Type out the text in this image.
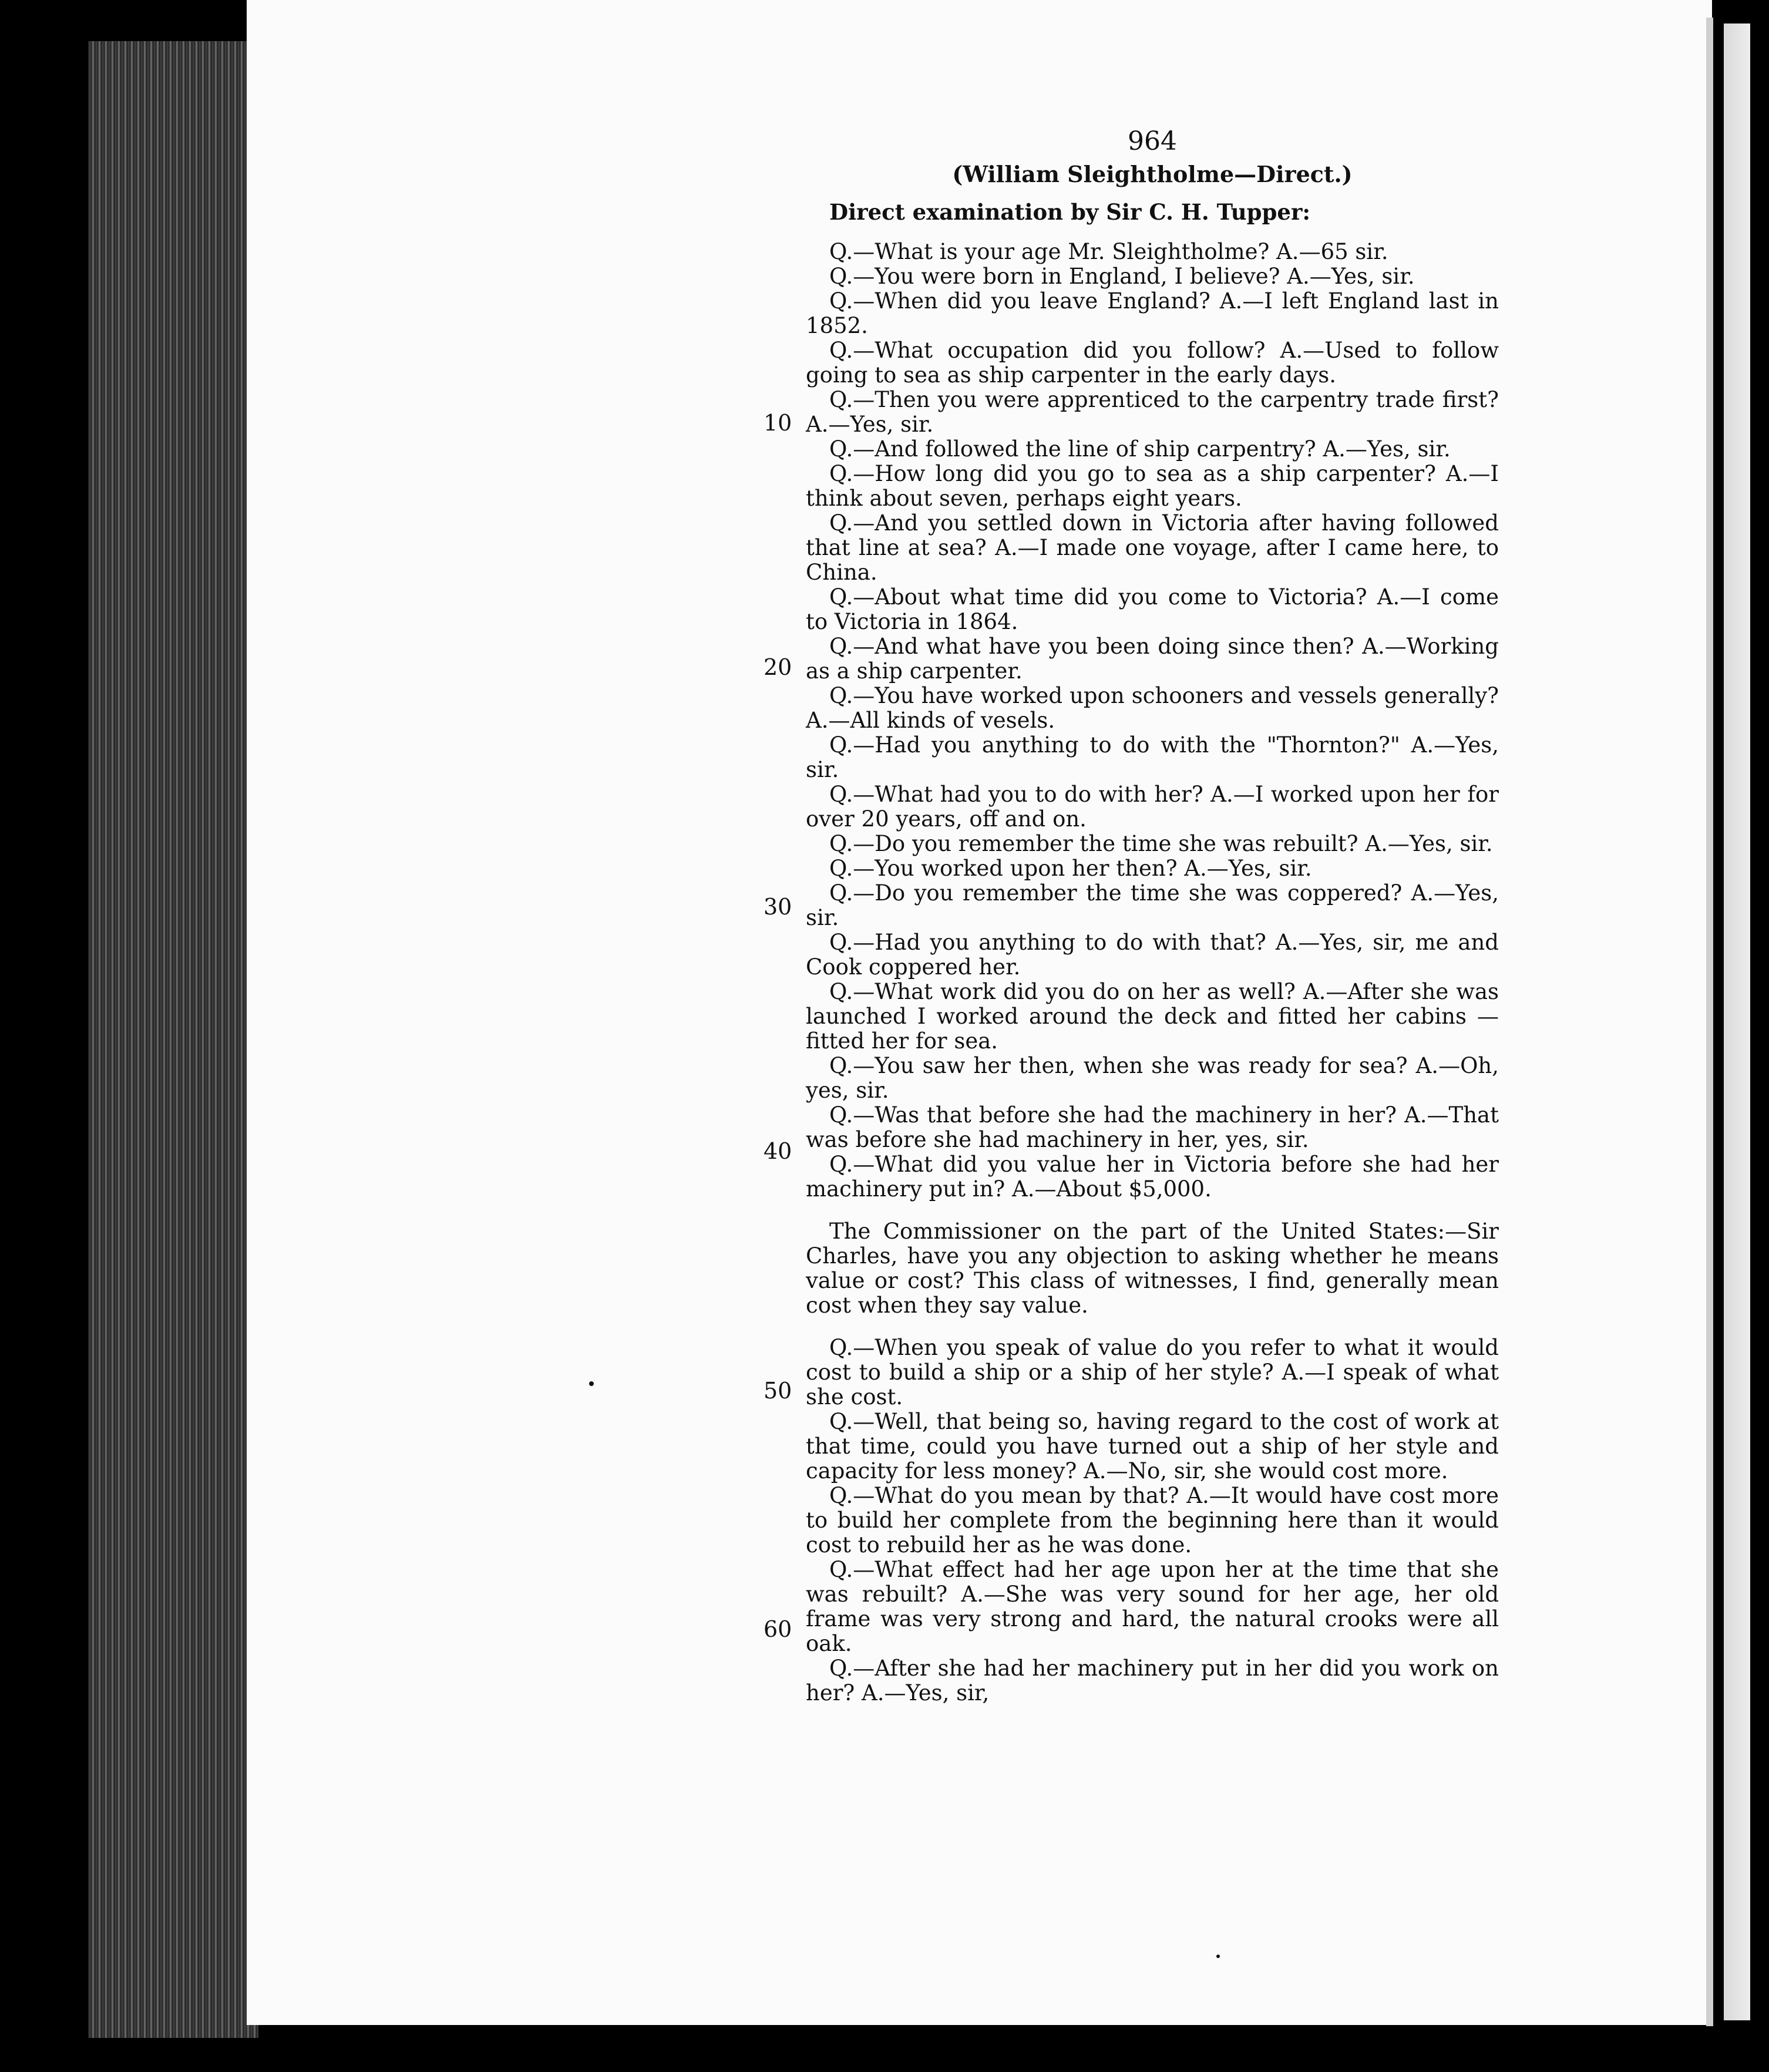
10
20
30
40
50
60
964
(William Sleightholme—Direct.)
Direct examination by Sir C. H. Tupper:

Q.—What is your age Mr. Sleightholme? A.—65 sir.

Q.—You were born in England, I believe? A.—Yes, sir.

Q.—When did you leave England? A.—I left England last in 1852.

Q.—What occupation did you follow? A.—Used to follow going to sea as ship carpenter in the early days.

Q.—Then you were apprenticed to the carpentry trade first? A.—Yes, sir.

Q.—And followed the line of ship carpentry? A.—Yes, sir.

Q.—How long did you go to sea as a ship carpenter? A.—I think about seven, perhaps eight years.

Q.—And you settled down in Victoria after having followed that line at sea? A.—I made one voyage, after I came here, to China.

Q.—About what time did you come to Victoria? A.—I come to Victoria in 1864.

Q.—And what have you been doing since then? A.—Working as a ship carpenter.

Q.—You have worked upon schooners and vessels generally? A.—All kinds of vesels.

Q.—Had you anything to do with the "Thornton?" A.—Yes, sir.

Q.—What had you to do with her? A.—I worked upon her for over 20 years, off and on.

Q.—Do you remember the time she was rebuilt? A.—Yes, sir.

Q.—You worked upon her then? A.—Yes, sir.

Q.—Do you remember the time she was coppered? A.—Yes, sir.

Q.—Had you anything to do with that? A.—Yes, sir, me and Cook coppered her.

Q.—What work did you do on her as well? A.—After she was launched I worked around the deck and fitted her cabins —fitted her for sea.

Q.—You saw her then, when she was ready for sea? A.—Oh, yes, sir.

Q.—Was that before she had the machinery in her? A.—That was before she had machinery in her, yes, sir.

Q.—What did you value her in Victoria before she had her machinery put in? A.—About $5,000.

The Commissioner on the part of the United States:—Sir Charles, have you any objection to asking whether he means value or cost? This class of witnesses, I find, generally mean cost when they say value.

Q.—When you speak of value do you refer to what it would cost to build a ship or a ship of her style? A.—I speak of what she cost.

Q.—Well, that being so, having regard to the cost of work at that time, could you have turned out a ship of her style and capacity for less money? A.—No, sir, she would cost more.

Q.—What do you mean by that? A.—It would have cost more to build her complete from the beginning here than it would cost to rebuild her as he was done.

Q.—What effect had her age upon her at the time that she was rebuilt? A.—She was very sound for her age, her old frame was very strong and hard, the natural crooks were all oak.

Q.—After she had her machinery put in her did you work on her? A.—Yes, sir,
